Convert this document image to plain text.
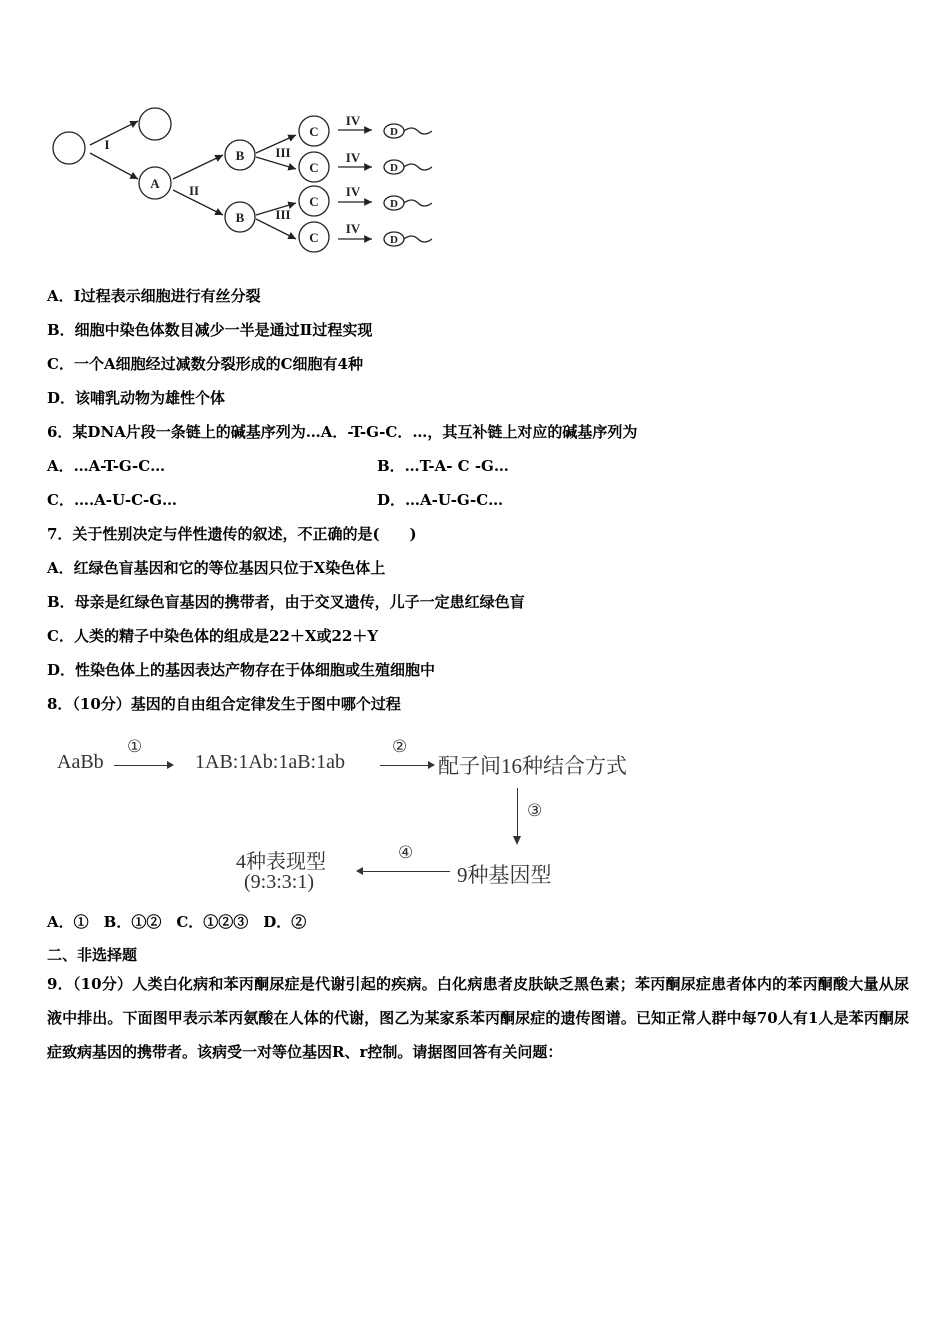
I
II
III
III
IV
IV
IV
IV
A
B
B
C
C
C
C
D
D
D
D
A．Ⅰ过程表示细胞进行有丝分裂
B．细胞中染色体数目减少一半是通过Ⅱ过程实现
C．一个A细胞经过减数分裂形成的C细胞有4种
D．该哺乳动物为雄性个体
6．某DNA片段一条链上的碱基序列为…A．-T-G-C．…，其互补链上对应的碱基序列为
A．…A-T-G-C…	B．…T-A- C -G…
C．….A-U-C-G…	D．…A-U-G-C…
7．关于性别决定与伴性遗传的叙述，不正确的是(　　)
A．红绿色盲基因和它的等位基因只位于X染色体上
B．母亲是红绿色盲基因的携带者，由于交叉遗传，儿子一定患红绿色盲
C．人类的精子中染色体的组成是22＋X或22＋Y
D．性染色体上的基因表达产物存在于体细胞或生殖细胞中
8．（10分）基因的自由组合定律发生于图中哪个过程
AaBb
①
1AB:1Ab:1aB:1ab
②
配子间16种结合方式
③
4种表现型
(9:3:3:1)
④
9种基因型
A．①　B．①②　C．①②③　D．②
二、非选择题
9．（10分）人类白化病和苯丙酮尿症是代谢引起的疾病。白化病患者皮肤缺乏黑色素；苯丙酮尿症患者体内的苯丙酮酸大量从尿液中排出。下面图甲表示苯丙氨酸在人体的代谢，图乙为某家系苯丙酮尿症的遗传图谱。已知正常人群中每70人有1人是苯丙酮尿症致病基因的携带者。该病受一对等位基因R、r控制。请据图回答有关问题：
